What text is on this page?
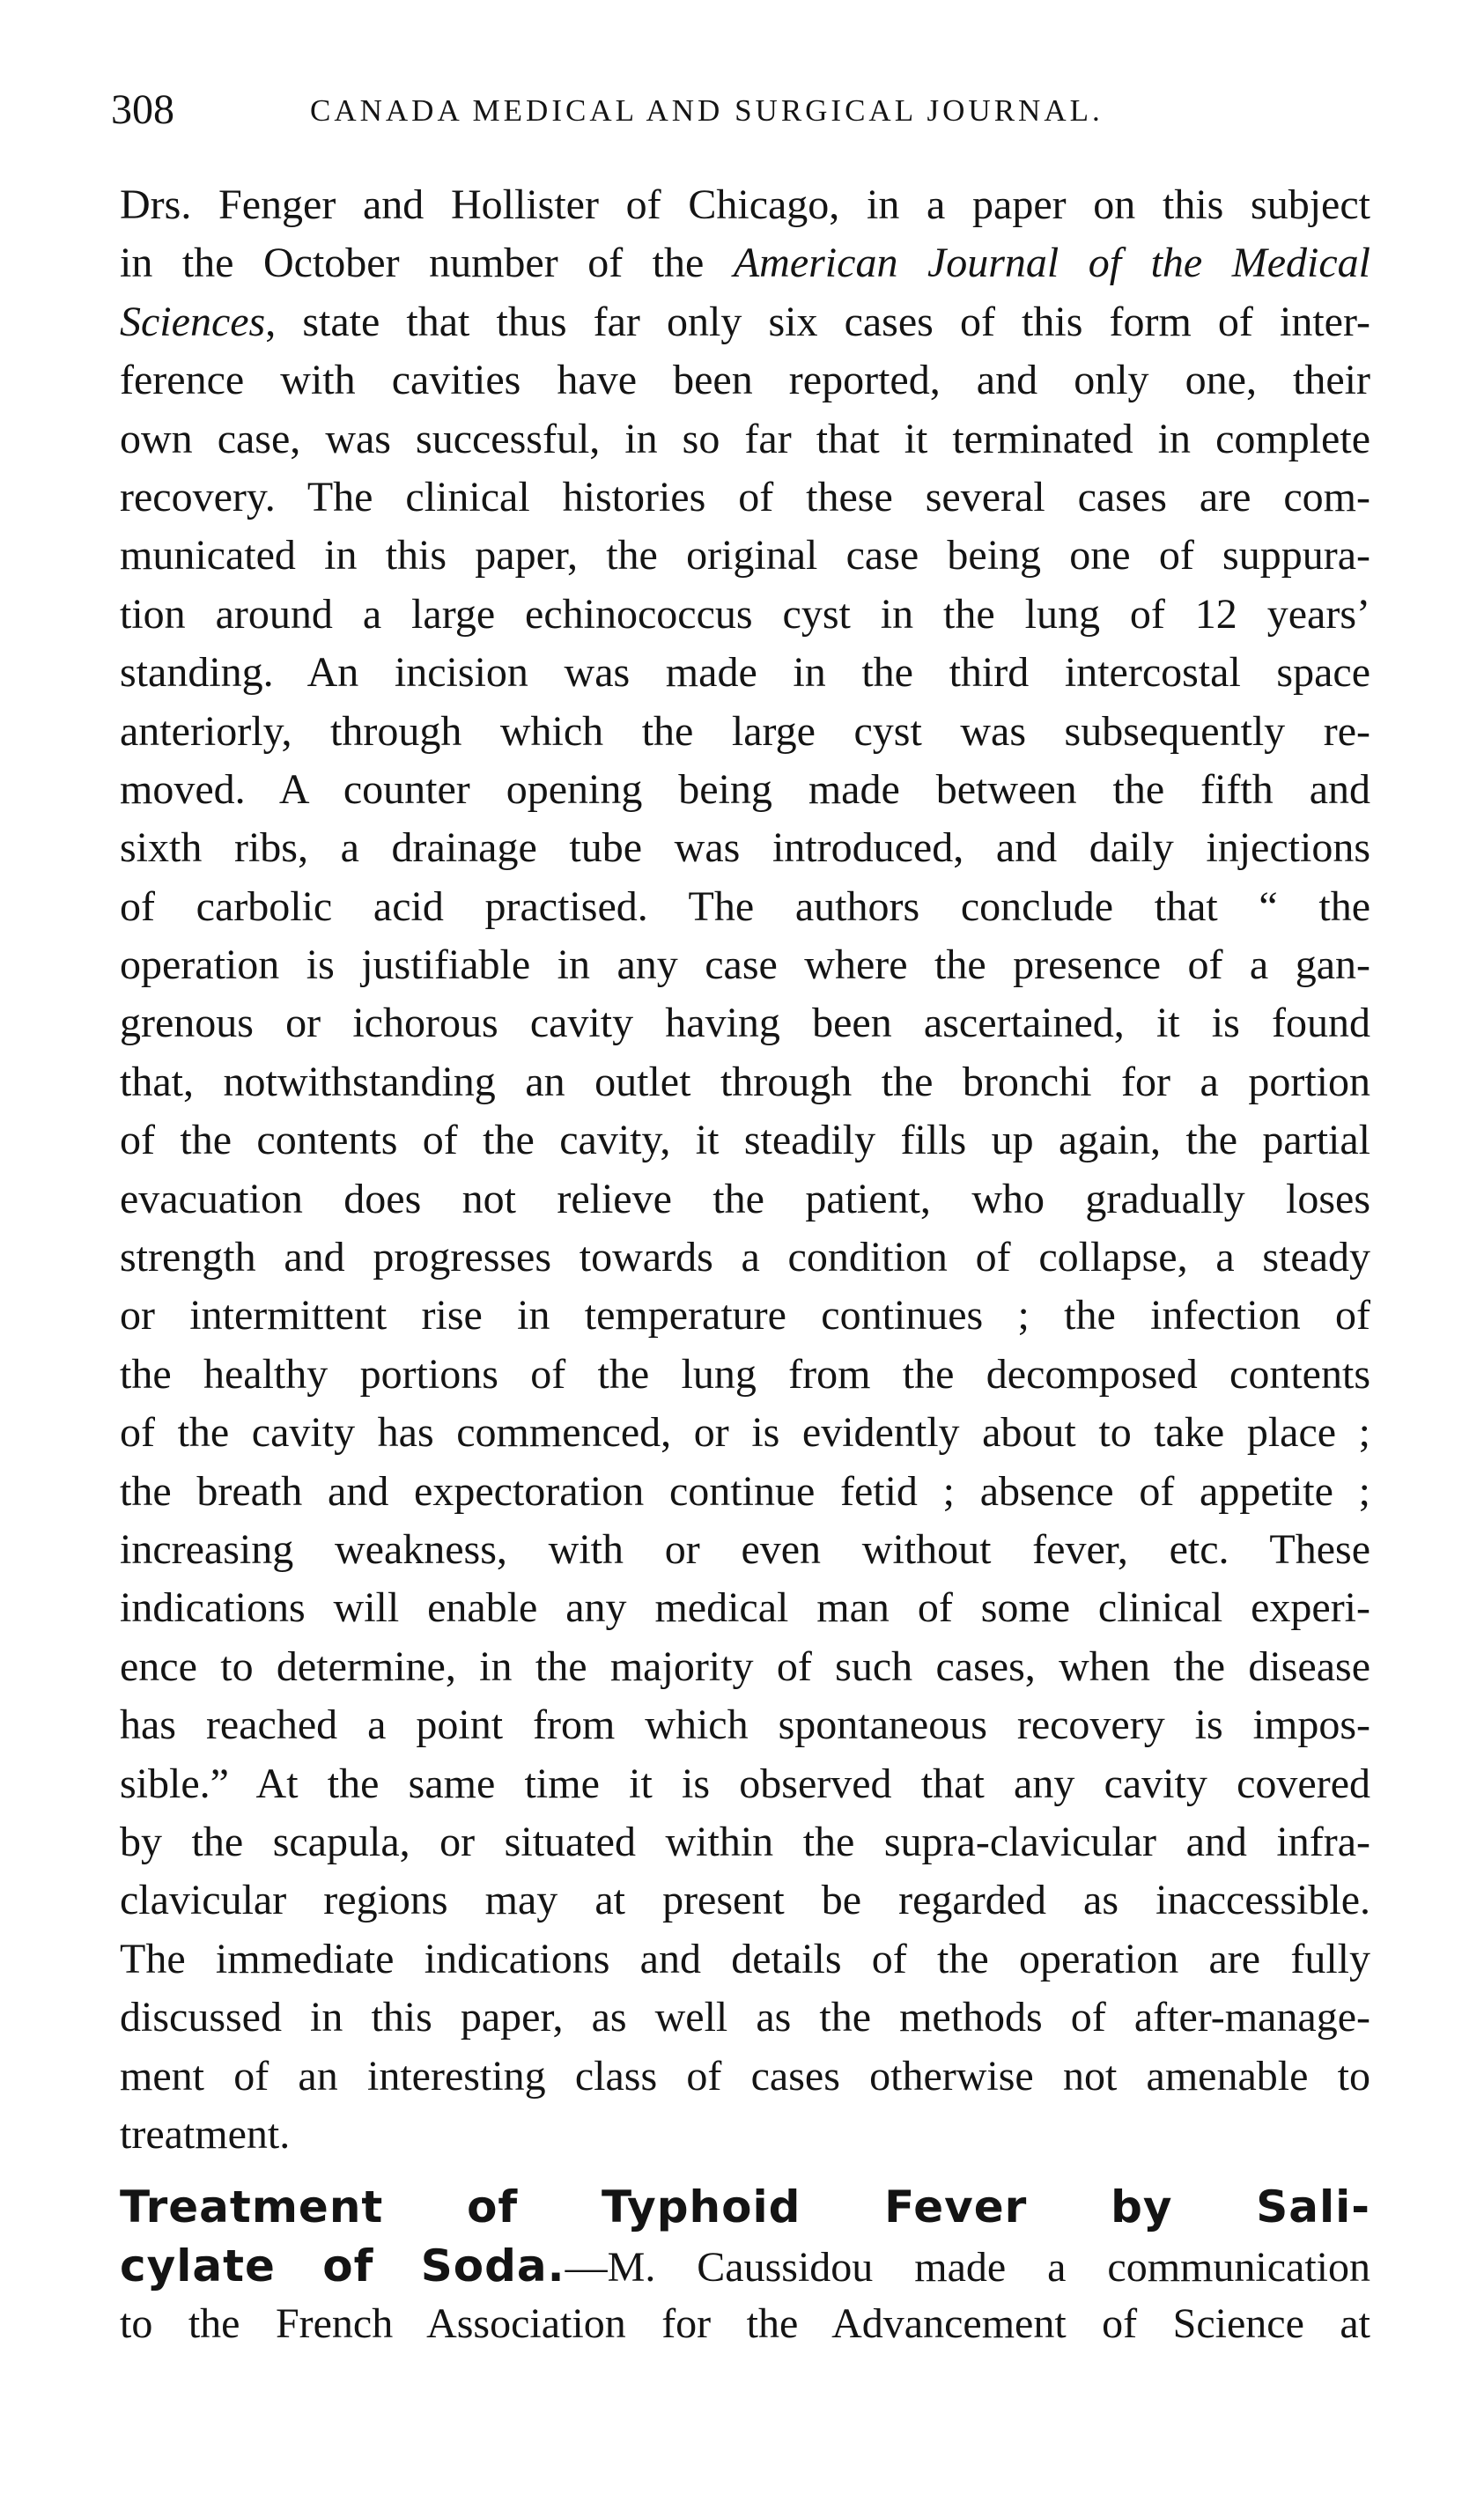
308	CANADA MEDICAL AND SURGICAL JOURNAL.
Drs. Fenger and Hollister of Chicago, in a paper on this subject
in the October number of the American Journal of the Medical
Sciences, state that thus far only six cases of this form of inter-
ference with cavities have been reported, and only one, their
own case, was successful, in so far that it terminated in complete
recovery. The clinical histories of these several cases are com-
municated in this paper, the original case being one of suppura-
tion around a large echinococcus cyst in the lung of 12 years’
standing. An incision was made in the third intercostal space
anteriorly, through which the large cyst was subsequently re-
moved. A counter opening being made between the fifth and
sixth ribs, a drainage tube was introduced, and daily injections
of carbolic acid practised. The authors conclude that “ the
operation is justifiable in any case where the presence of a gan-
grenous or ichorous cavity having been ascertained, it is found
that, notwithstanding an outlet through the bronchi for a portion
of the contents of the cavity, it steadily fills up again, the partial
evacuation does not relieve the patient, who gradually loses
strength and progresses towards a condition of collapse, a steady
or intermittent rise in temperature continues ; the infection of
the healthy portions of the lung from the decomposed contents
of the cavity has commenced, or is evidently about to take place ;
the breath and expectoration continue fetid ; absence of appetite ;
increasing weakness, with or even without fever, etc. These
indications will enable any medical man of some clinical experi-
ence to determine, in the majority of such cases, when the disease
has reached a point from which spontaneous recovery is impos-
sible.” At the same time it is observed that any cavity covered
by the scapula, or situated within the supra-clavicular and infra-
clavicular regions may at present be regarded as inaccessible.
The immediate indications and details of the operation are fully
discussed in this paper, as well as the methods of after-manage-
ment of an interesting class of cases otherwise not amenable to
treatment.
Treatment of Typhoid Fever by Sali-
cylate of Soda.—M. Caussidou made a communication
to the French Association for the Advancement of Science at
